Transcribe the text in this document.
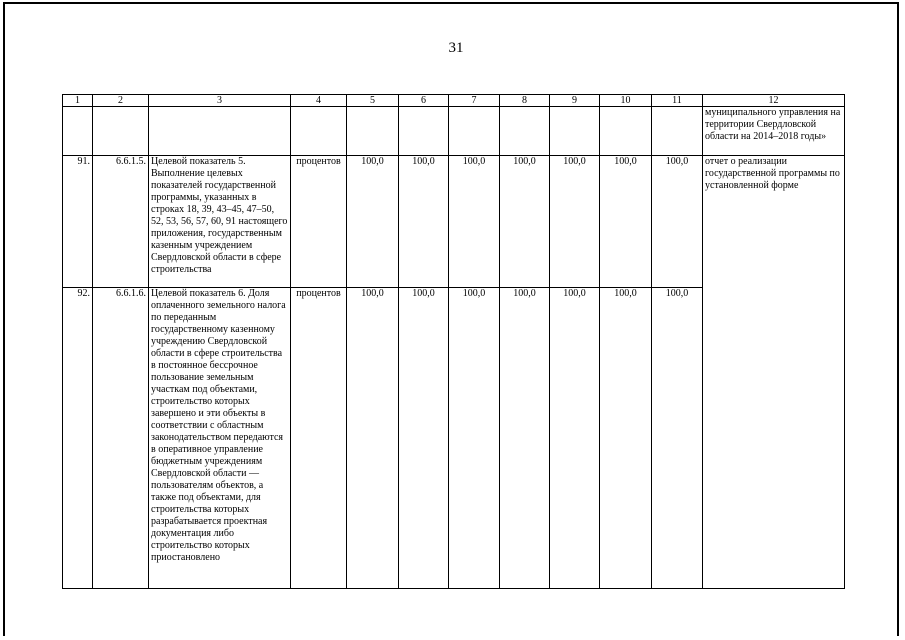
31
1	2	3	4	5	6	7	8	9	10	11	12
											муниципального управления на территории Свердловской области на 2014–2018 годы»
91.	6.6.1.5.	Целевой показатель 5. Выполнение целевых показателей государственной программы, указанных в строках 18, 39, 43–45, 47–50, 52, 53, 56, 57, 60, 91 настоящего приложения, государственным казенным учреждением Свердловской области в сфере строительства	процентов	100,0	100,0	100,0	100,0	100,0	100,0	100,0	отчет о реализации государственной программы по установленной форме
92.	6.6.1.6.	Целевой показатель 6. Доля оплаченного земельного налога по переданным государственному казенному учреждению Свердловской области в сфере строительства в постоянное бессрочное пользование земельным участкам под объектами, строительство которых завершено и эти объекты в соответствии с областным законодательством передаются в оперативное управление бюджетным учреждениям Свердловской области — пользователям объектов, а также под объектами, для строительства которых разрабатывается проектная документация либо строительство которых приостановлено	процентов	100,0	100,0	100,0	100,0	100,0	100,0	100,0	
